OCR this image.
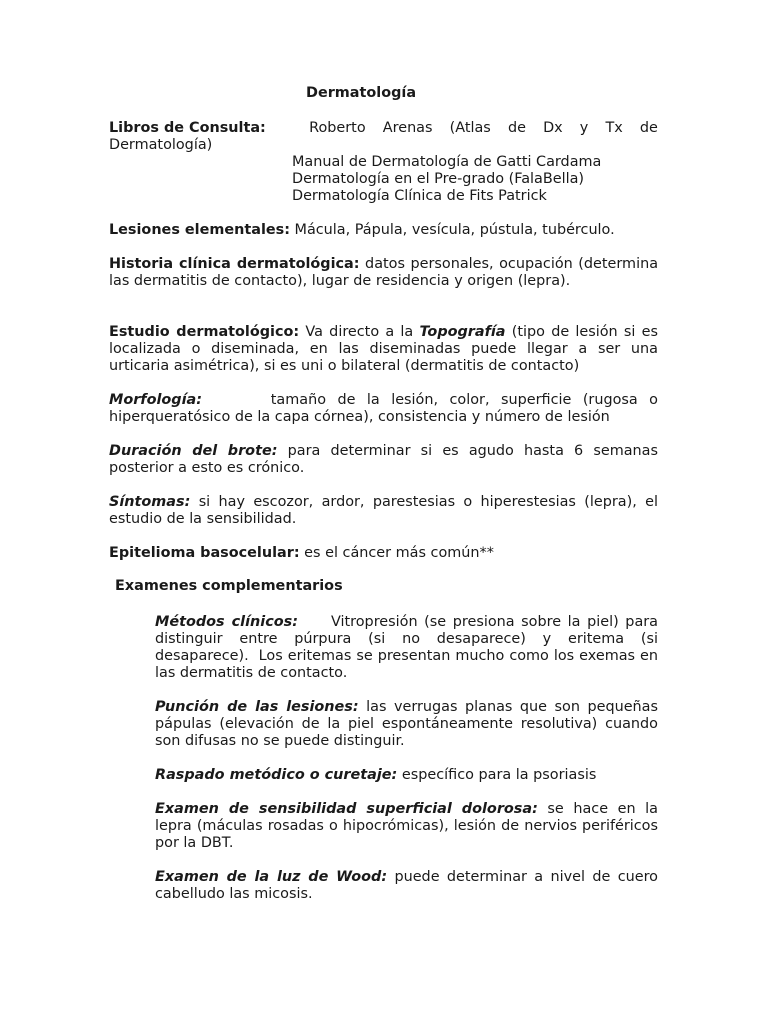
Dermatología
Libros de Consulta:	Roberto Arenas (Atlas de Dx y Tx de
Dermatología)
Manual de Dermatología de Gatti Cardama
Dermatología en el Pre-grado (FalaBella)
Dermatología Clínica de Fits Patrick

Lesiones elementales: Mácula, Pápula, vesícula, pústula, tubérculo.

Historia clínica dermatológica: datos personales, ocupación (determina las dermatitis de contacto), lugar de residencia y origen (lepra).

Estudio dermatológico: Va directo a la Topografía (tipo de lesión si es localizada o diseminada, en las diseminadas puede llegar a ser una urticaria asimétrica), si es uni o bilateral (dermatitis de contacto)

Morfología:      tamaño de la lesión, color, superficie (rugosa o hiperqueratósico de la capa córnea), consistencia y número de lesión

Duración del brote: para determinar si es agudo hasta 6 semanas posterior a esto es crónico.

Síntomas: si hay escozor, ardor, parestesias o hiperestesias (lepra), el estudio de la sensibilidad.

Epitelioma basocelular: es el cáncer más común**

Examenes complementarios

Métodos clínicos:     Vitropresión (se presiona sobre la piel) para distinguir entre púrpura (si no desaparece) y eritema (si desaparece).  Los eritemas se presentan mucho como los exemas en las dermatitis de contacto.

Punción de las lesiones: las verrugas planas que son pequeñas pápulas (elevación de la piel espontáneamente resolutiva) cuando son difusas no se puede distinguir.

Raspado metódico o curetaje: específico para la psoriasis

Examen de sensibilidad superficial dolorosa: se hace en la lepra (máculas rosadas o hipocrómicas), lesión de nervios periféricos por la DBT.

Examen de la luz de Wood: puede determinar a nivel de cuero cabelludo las micosis.
